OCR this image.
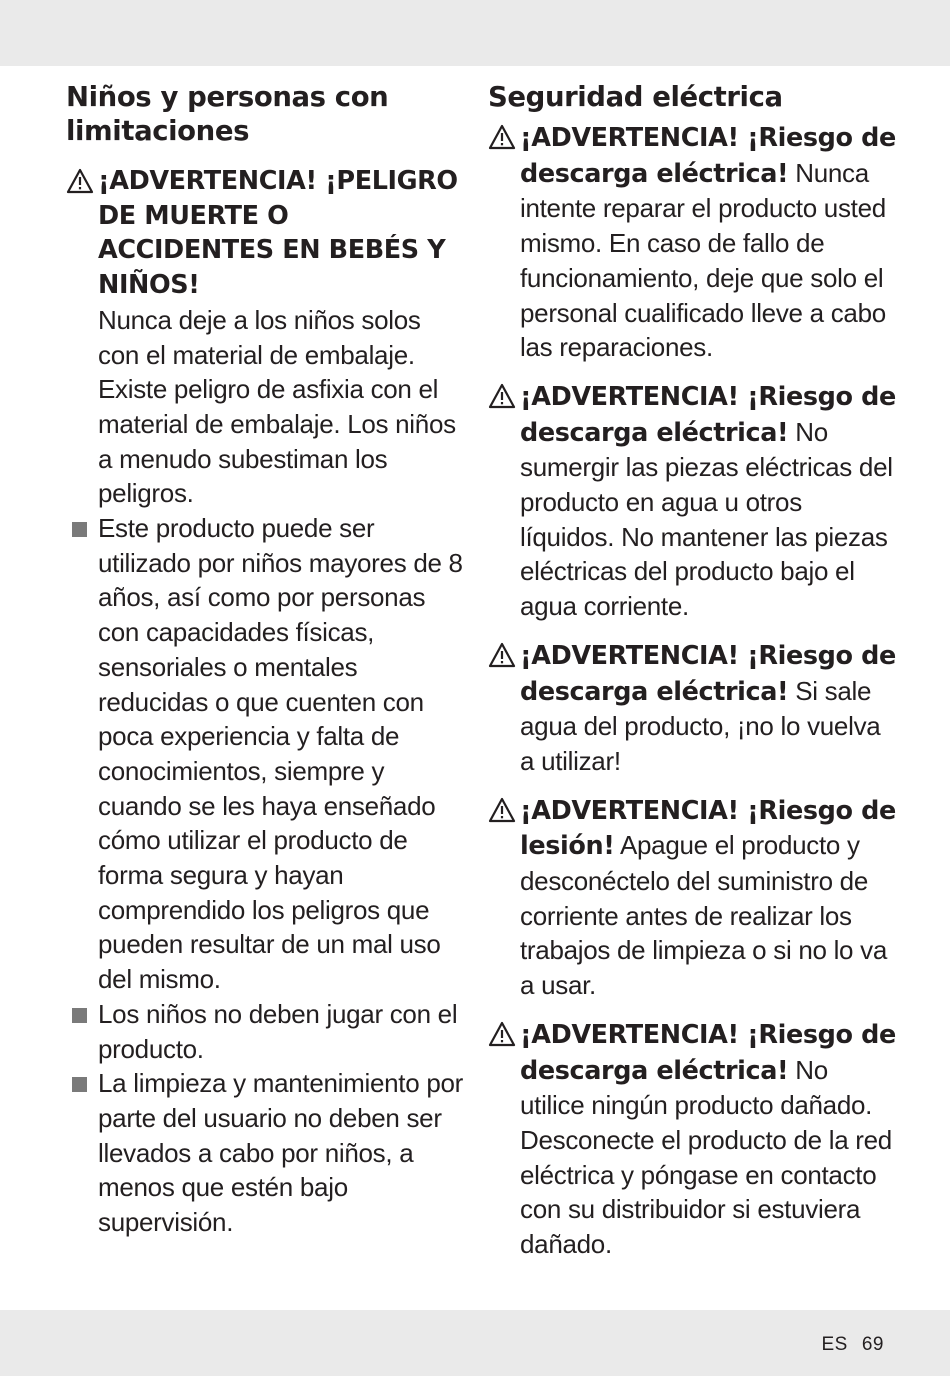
Niños y personas con limitaciones
¡ADVERTENCIA! ¡PELIGRO DE MUERTE O ACCIDENTES EN BEBÉS Y NIÑOS!
Nunca deje a los niños solos con el material de embalaje. Existe peligro de asfixia con el material de embalaje. Los niños a menudo subestiman los peligros.
Este producto puede ser utilizado por niños mayores de 8 años, así como por personas con capacidades físicas, sensoriales o mentales reducidas o que cuenten con poca experiencia y falta de conocimientos, siempre y cuando se les haya enseñado cómo utilizar el producto de forma segura y hayan comprendido los peligros que pueden resultar de un mal uso del mismo.
Los niños no deben jugar con el producto.
La limpieza y mantenimiento por parte del usuario no deben ser llevados a cabo por niños, a menos que estén bajo supervisión.
Seguridad eléctrica
¡ADVERTENCIA! ¡Riesgo de descarga eléctrica! Nunca intente reparar el producto usted mismo. En caso de fallo de funcionamiento, deje que solo el personal cualificado lleve a cabo las reparaciones.
¡ADVERTENCIA! ¡Riesgo de descarga eléctrica! No sumergir las piezas eléctricas del producto en agua u otros líquidos. No mantener las piezas eléctricas del producto bajo el agua corriente.
¡ADVERTENCIA! ¡Riesgo de descarga eléctrica! Si sale agua del producto, ¡no lo vuelva a utilizar!
¡ADVERTENCIA! ¡Riesgo de lesión! Apague el producto y desconéctelo del suministro de corriente antes de realizar los trabajos de limpieza o si no lo va a usar.
¡ADVERTENCIA! ¡Riesgo de descarga eléctrica! No utilice ningún producto dañado. Desconecte el producto de la red eléctrica y póngase en contacto con su distribuidor si estuviera dañado.
ES 69
